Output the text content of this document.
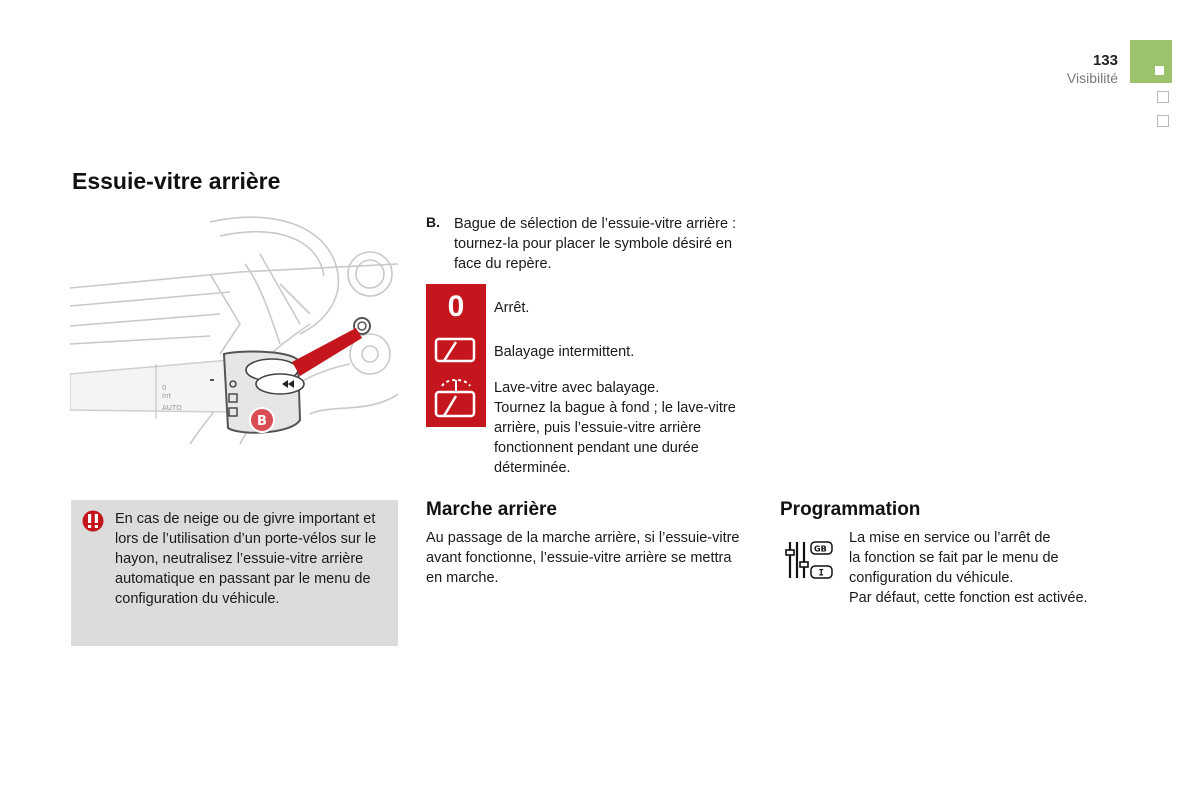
133
Visibilité
Essuie-vitre arrière
0
Int
AUTO
B
B. Bague de sélection de l’essuie-vitre arrière : tournez-la pour placer le symbole désiré en face du repère.
0	Arrêt.
Balayage intermittent.
Lave-vitre avec balayage.
Tournez la bague à fond ; le lave-vitre arrière, puis l’essuie-vitre arrière fonctionnent pendant une durée déterminée.
En cas de neige ou de givre important et lors de l’utilisation d’un porte-vélos sur le hayon, neutralisez l’essuie-vitre arrière automatique en passant par le menu de configuration du véhicule.
Marche arrière
Au passage de la marche arrière, si l’essuie-vitre avant fonctionne, l’essuie-vitre arrière se mettra en marche.
Programmation
GB
I
La mise en service ou l’arrêt de
la fonction se fait par le menu de
configuration du véhicule.
Par défaut, cette fonction est activée.
